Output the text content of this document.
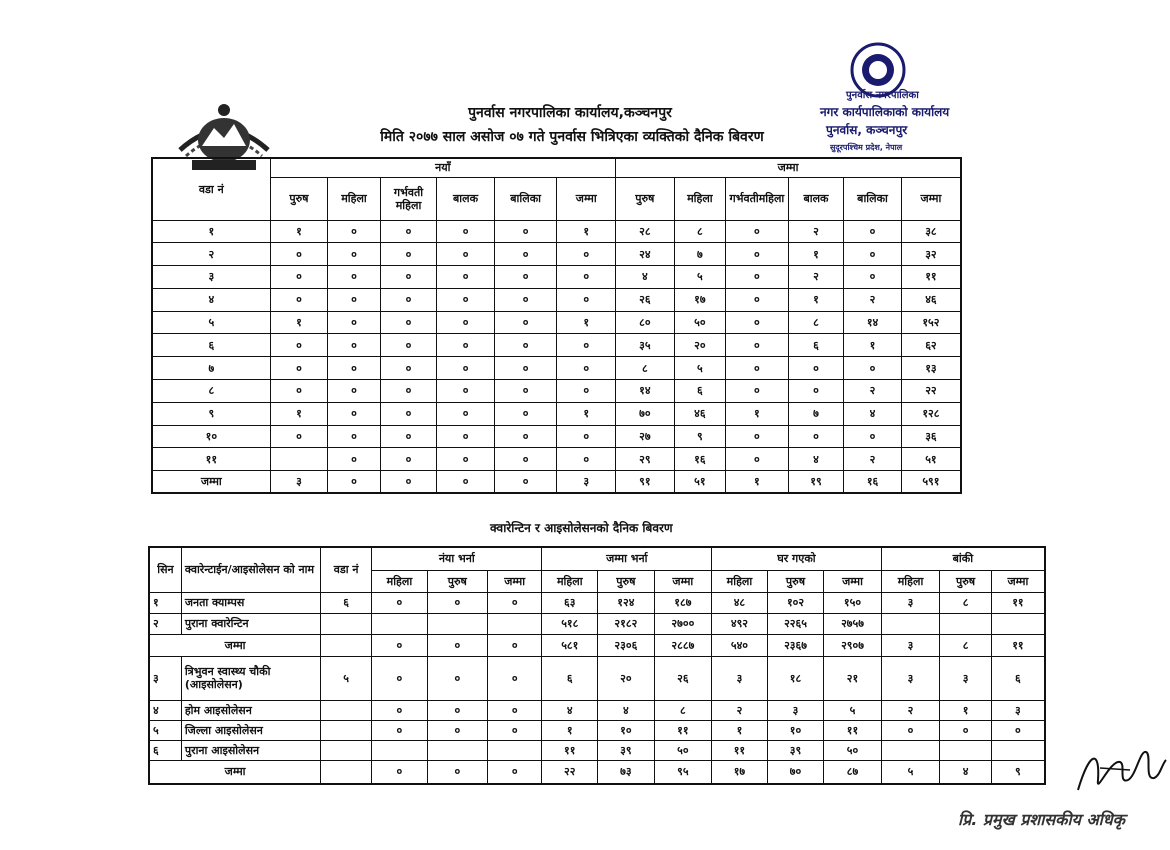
पुनर्वास नगरपालिका कार्यालय,कञ्चनपुर
मिति २०७७ साल असोज ०७ गते पुनर्वास भित्रिएका व्यक्तिको दैनिक बिवरण
पुनर्वास नगरपालिका
नगर कार्यपालिकाको कार्यालय
पुनर्वास, कञ्चनपुर
सुदूरपश्चिम प्रदेश, नेपाल
वडा नं	नयाँ						जम्मा					
	पुरुष	महिला	गर्भवती महिला	बालक	बालिका	जम्मा	पुरुष	महिला	गर्भवतीमहिला	बालक	बालिका	जम्मा
१	१	०	०	०	०	१	२८	८	०	२	०	३८
२	०	०	०	०	०	०	२४	७	०	१	०	३२
३	०	०	०	०	०	०	४	५	०	२	०	११
४	०	०	०	०	०	०	२६	१७	०	१	२	४६
५	१	०	०	०	०	१	८०	५०	०	८	१४	१५२
६	०	०	०	०	०	०	३५	२०	०	६	१	६२
७	०	०	०	०	०	०	८	५	०	०	०	१३
८	०	०	०	०	०	०	१४	६	०	०	२	२२
९	१	०	०	०	०	१	७०	४६	१	७	४	१२८
१०	०	०	०	०	०	०	२७	९	०	०	०	३६
११		०	०	०	०	०	२९	१६	०	४	२	५१
जम्मा	३	०	०	०	०	३	९१	५१	१	१९	१६	५९१
क्वारेन्टिन र आइसोलेसनको दैनिक बिवरण
सिन	क्वारेन्टाईन/आइसोलेसन को नाम	वडा नं	नंया भर्ना			जम्मा भर्ना			घर गएको			बांकी		
			महिला	पुरुष	जम्मा	महिला	पुरुष	जम्मा	महिला	पुरुष	जम्मा	महिला	पुरुष	जम्मा
१	जनता क्याम्पस	६	०	०	०	६३	१२४	१८७	४८	१०२	१५०	३	८	११
२	पुराना क्वारेन्टिन					५१८	२१८२	२७००	४९२	२२६५	२७५७			
जम्मा			०	०	०	५८१	२३०६	२८८७	५४०	२३६७	२९०७	३	८	११
३	त्रिभुवन स्वास्थ्य चौकी (आइसोलेसन)	५	०	०	०	६	२०	२६	३	१८	२१	३	३	६
४	होम आइसोलेसन		०	०	०	४	४	८	२	३	५	२	१	३
५	जिल्ला आइसोलेसन		०	०	०	१	१०	११	१	१०	११	०	०	०
६	पुराना आइसोलेसन					११	३९	५०	११	३९	५०			
जम्मा			०	०	०	२२	७३	९५	१७	७०	८७	५	४	९
प्रि. प्रमुख प्रशासकीय अधिकृ
